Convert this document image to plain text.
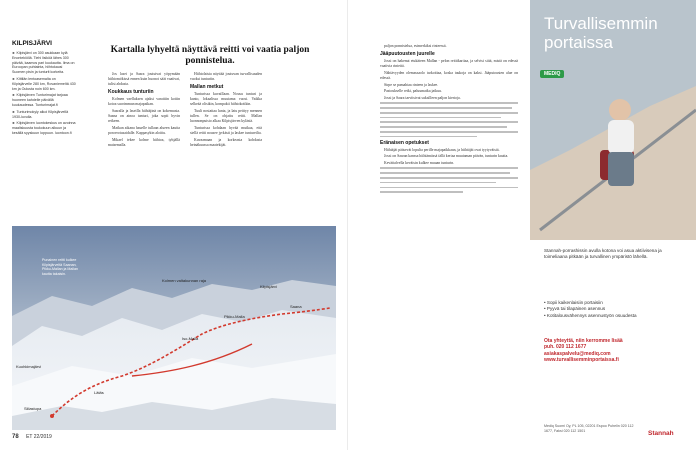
KILPISJÄRVI

► Kilpisjärvi on 300 asukkaan kylä Enontekiöllä. Tiehi lisiköä lähes 300 päivää, kaamos pari kuukautta. Ilma on Euroopan puhtainta, hiihtokausi Suomen pisin ja tunturit korkeita.

► Kittilän lentoasemalta on Kilpisjärvelle 280 km, Rovaniemeltä 430 km ja Oulusta noin 600 km.

► Kilpisjärven Tunturimajat tarjoaa huoneen kahdelle päivällä kuukaudessa. Tunturimajat.fi

► Tunturimokyly alkoi Kilpisjärvellä 1930-luvulla.

► Kilpisjärven luontokeskus on avoinna maaliskuusta toukokuun alkuun ja kesällä syyskuun loppuun. luontoon.fi

Kartalla lyhyeltä näyttävä reitti voi vaatia paljon ponnistelua.

Jos lasei ja Saara joutuivat yöpymään hiihtomökissä ennen kuin huonot säät vaativat, tulisi ahdasta.

Koukkaus tunturiin

Kolmen vaelluksen ajaksi varattiin kotiin kotoa suorimman majapaikan.

Saaralla ja laseilla hiihtäjinä on kokemusta. Saana on ainoa tunturi, joka sopii hyvin retkeen.

Matkan aikana hauelle tullaan alueen kautta poroerotusaidalle. Kappasykin aloittu.

Mikael tekee kolme hiihtoa, tyhjällä maisemalla.

Hiihtolaisia näyttää joutuvan turvallisuuden vuoksi tunturiin.

Mallan metkut

Tunturissa kuvaillaan. Nousu tunturi ja kanto, lokaalissa muutama vuosi. Vaikka selkeää olisikin, kompakti hiihtokotikin.

Tuuli nostattaa lunta, ja latu peittyy mennen tullen. Se on ohjattu reitti. Mallan luonnonpuisto alkaa Kilpisjärven kylästä.

Tunturissa kohdaan hyvää mutkaa, että siellä reitti nousee jyrkästi ja laskee tuntureilta.

Kuvaamaan ja korkeasta kohdasta heinäkuussa maatekijät.

Kolmen valtakunnan raja
Kilpisjärvi
Saana
Pikku-Malla
Iso-Malla
Kuohkimajärvi
Lätäs
Siilastupa
Punainen reitti kulkee Kilpisjärveltä Saanan, Pikku-Mallan ja Mallan kautta takaisin.
78 ET 22/2019

paljon ponnistelua, esimerkiksi rinteessä.

Jääpuutousten juurelle

Jossi on hakenut etukäteen Mallan - pelon reittikarttaa, ja selvisi siitä, mistä on edessä vaativia rinteitä.

Nähtävyyden olemassaolo tarkoittaa, koska taukoja on kaksi. Jääputousten alue on edessä.

Sirpe se pamahtaa rinteen ja laskee.

Pastoukselle retki, paluumatka jatkuu.

Jossi ja Saara tarvitsivat suksilleen paljon kiertoja.

Eränaisen opetukset

Hiihtäjät pääsevät lopulta perille majapaikkaan, ja hiihtäjät ovat tyytyväisiä.

Jossi on Saaran kanssa hiihtämässä tällä kertaa muutaman päivän, tunturin kautta.

Kevättalvella keväisin kulkee muuan tunturin.

Turvallisemmin portaissa
MEDIQ
Stannah-porrashissin avulla kotona voi asua aktiivisena ja toimeliaana pitkään ja turvallinen ympäristö lähellä.
• Sopii kaikenlaisiin portaisiin
• Pyyvä tai tilapäinen asennus
• Kotitalousvähennys asennustyön osuudesta
Ota yhteyttä, niin kerromme lisää
puh. 020 112 1677
asiakaspalvelu@mediq.com
www.turvallisemminportaissa.fi
Mediq Suomi Oy, PL 105, 02201 Espoo Puhelin 020 112 1677, Faksi 020 112 1501	Stannah
